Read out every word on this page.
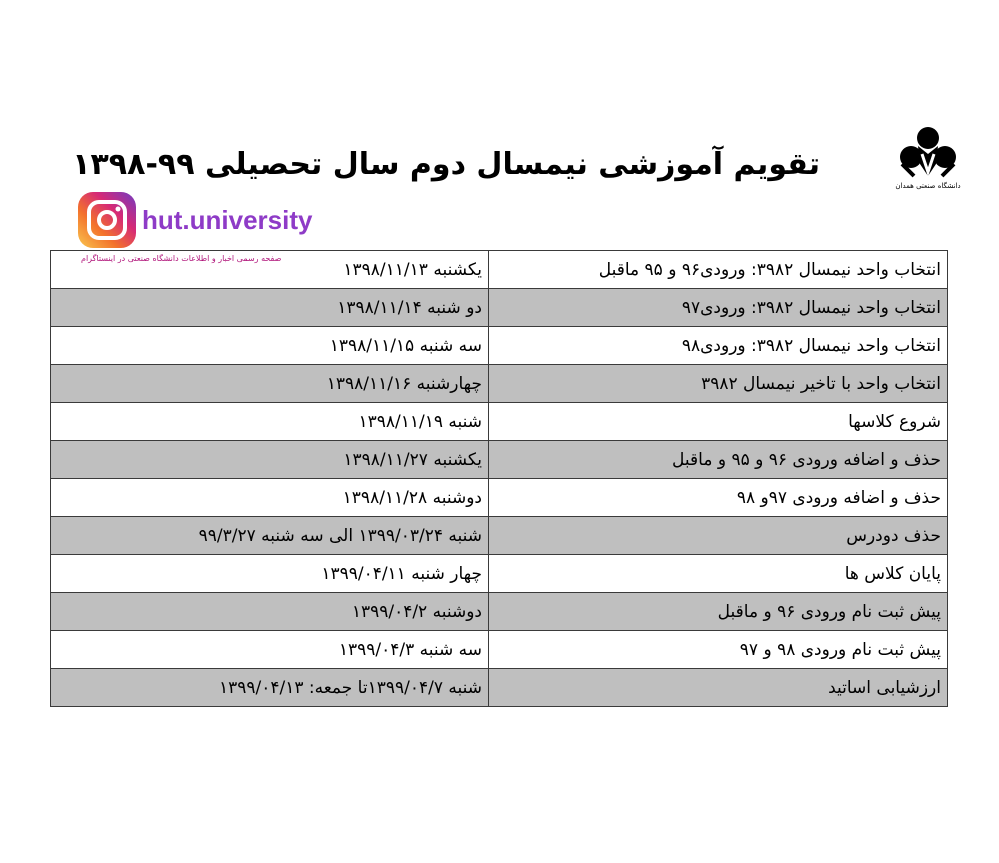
دانشگاه صنعتی همدان
تقویم آموزشی نیمسال دوم سال تحصیلی ۹۹-۱۳۹۸
hut.university
انتخاب واحد نیمسال ۳۹۸۲: ورودی۹۶ و ۹۵ ماقبل	یکشنبه ۱۳۹۸/۱۱/۱۳
صفحه رسمی اخبار و اطلاعات دانشگاه صنعتی در اینستاگرام

انتخاب واحد نیمسال ۳۹۸۲: ورودی۹۷	دو شنبه ۱۳۹۸/۱۱/۱۴
انتخاب واحد نیمسال ۳۹۸۲: ورودی۹۸	سه شنبه ۱۳۹۸/۱۱/۱۵
انتخاب واحد با تاخیر نیمسال ۳۹۸۲	چهارشنبه ۱۳۹۸/۱۱/۱۶
شروع کلاسها	شنبه ۱۳۹۸/۱۱/۱۹
حذف و اضافه ورودی ۹۶ و ۹۵ و ماقبل	یکشنبه ۱۳۹۸/۱۱/۲۷
حذف و اضافه ورودی ۹۷و ۹۸	دوشنبه ۱۳۹۸/۱۱/۲۸
حذف دودرس	شنبه ۱۳۹۹/۰۳/۲۴ الی سه شنبه ۹۹/۳/۲۷
پایان کلاس ها	چهار شنبه ۱۳۹۹/۰۴/۱۱
پیش ثبت نام ورودی ۹۶ و ماقبل	دوشنبه ۱۳۹۹/۰۴/۲
پیش ثبت نام ورودی ۹۸ و ۹۷	سه شنبه ۱۳۹۹/۰۴/۳
ارزشیابی اساتید	شنبه ۱۳۹۹/۰۴/۷تا جمعه: ۱۳۹۹/۰۴/۱۳
